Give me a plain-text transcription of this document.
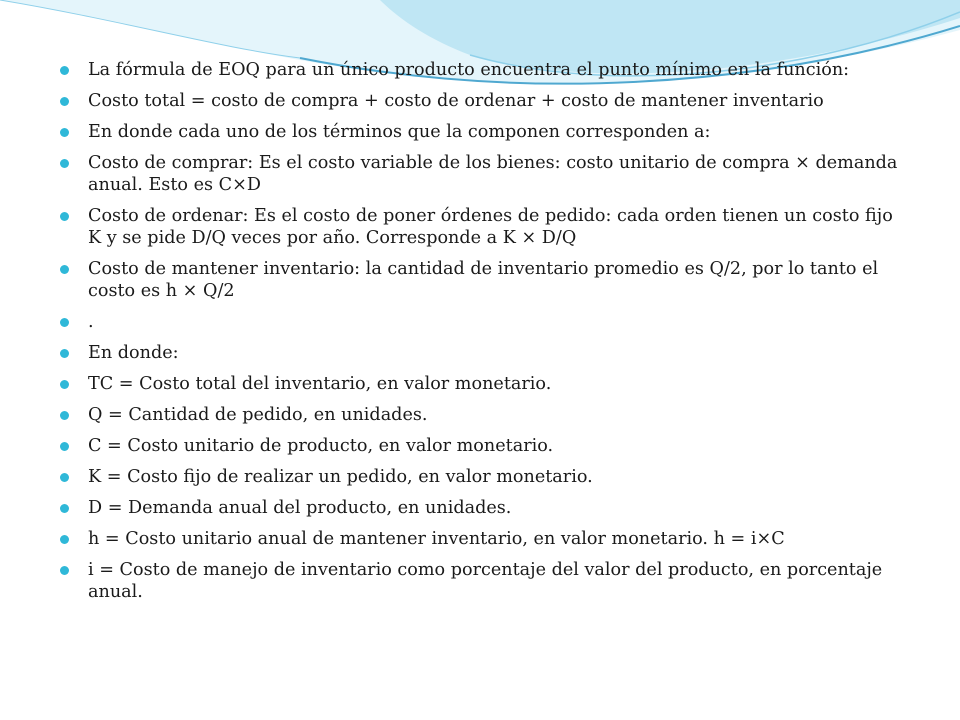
La fórmula de EOQ para un único producto encuentra el punto mínimo en la función:
Costo total = costo de compra + costo de ordenar + costo de mantener inventario
En donde cada uno de los términos que la componen corresponden a:
Costo de comprar: Es el costo variable de los bienes: costo unitario de compra × demanda anual. Esto es C×D
Costo de ordenar: Es el costo de poner órdenes de pedido: cada orden tienen un costo fijo K y se pide D/Q veces por año. Corresponde a K × D/Q
Costo de mantener inventario: la cantidad de inventario promedio es Q/2, por lo tanto el costo es h × Q/2
.
En donde:
TC = Costo total del inventario, en valor monetario.
Q = Cantidad de pedido, en unidades.
C = Costo unitario de producto, en valor monetario.
K = Costo fijo de realizar un pedido, en valor monetario.
D = Demanda anual del producto, en unidades.
h = Costo unitario anual de mantener inventario, en valor monetario. h = i×C
i = Costo de manejo de inventario como porcentaje del valor del producto, en porcentaje anual.
